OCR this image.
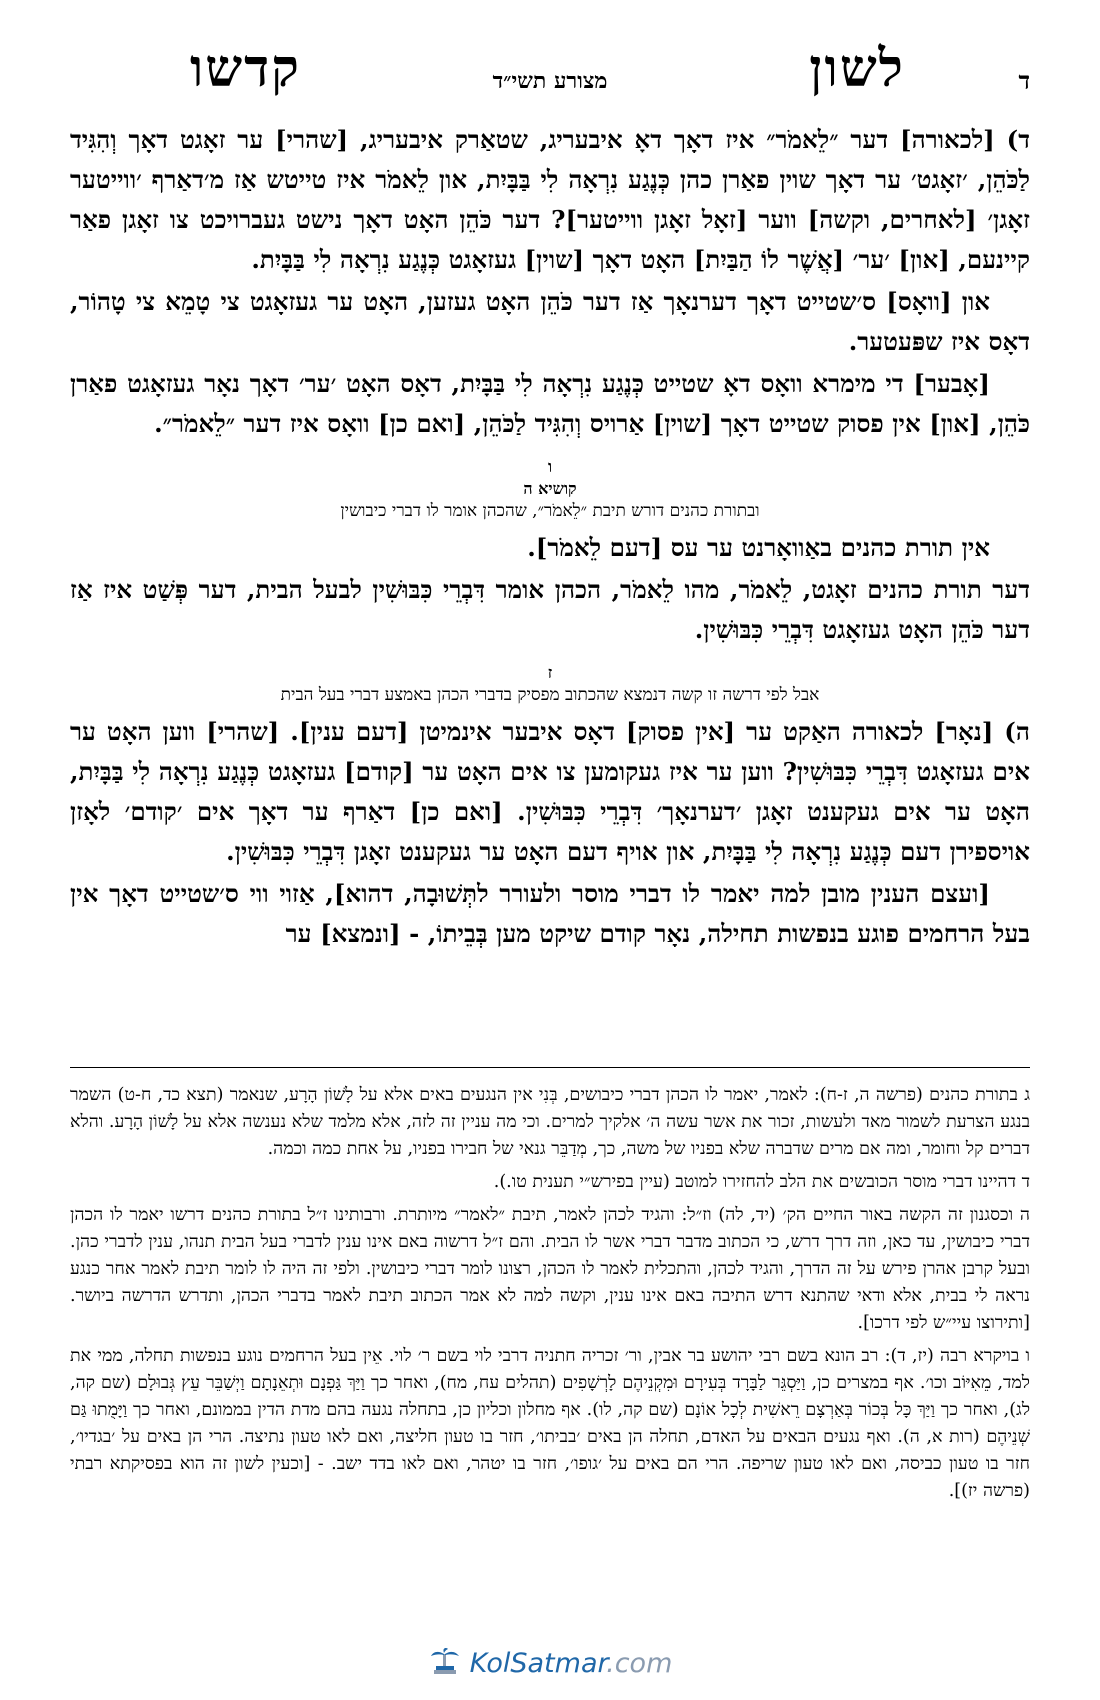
ד
לשון
מצורע תשי״ד
קדשו

ד) [לכאורה] דער ״לֵאמֹר״ איז דאָך דאָ איבעריג, שטאַרק איבעריג, [שהרי] ער זאָגט דאָך וְהִגִּיד לַכֹּהֵן, ׳זאָגט׳ ער דאָך שוין פאַרן כהן כְּנֶגַע נִרְאָה לִי בַּבָּיִת, און לֵאמֹר איז טייטש אַז מ׳דאַרף ׳ווייטער זאָגן׳ [לאחרים, וקשה] ווער [זאָל זאָגן ווייטער]? דער כֹּהֵן האָט דאָך נישט געברויכט צו זאָגן פאַר קיינעם, [און] ׳ער׳ [אֲשֶׁר לוֹ הַבַּיִת] האָט דאָך [שוין] געזאָגט כְּנֶגַע נִרְאָה לִי בַּבָּיִת.

און [וואָס] ס׳שטייט דאָך דערנאָך אַז דער כֹּהֵן האָט געזען, האָט ער געזאָגט צי טָמֵא צי טָהוֹר, דאָס איז שפּעטער.

[אָבער] די מימרא וואָס דאָ שטייט כְּנֶגַע נִרְאָה לִי בַּבָּיִת, דאָס האָט ׳ער׳ דאָך נאָר געזאָגט פאַרן כֹּהֵן, [און] אין פסוק שטייט דאָך [שוין] אַרויס וְהִגִּיד לַכֹּהֵן, [ואם כן] וואָס איז דער ״לֵאמֹר״.

ו
קושיא ה
ובתורת כהנים דורש תיבת ״לֵאמֹר״, שהכהן אומר לו דברי כיבושין

אין תורת כהנים באַוואָרנט ער עס [דעם לֵאמֹר].

דער תורת כהנים זאָגט, לֵאמֹר, מהו לֵאמֹר, הכהן אומר דִּבְרֵי כִּבּוּשִׁין לבעל הבית, דער פְּשַׁט איז אַז דער כֹּהֵן האָט געזאָגט דִּבְרֵי כִּבּוּשִׁין.

ז
אבל לפי דרשה זו קשה דנמצא שהכתוב מפסיק בדברי הכהן באמצע דברי בעל הבית

ה) [נאָר] לכאורה האַקט ער [אין פסוק] דאָס איבער אינמיטן [דעם ענין]. [שהרי] ווען האָט ער אים געזאָגט דִּבְרֵי כִּבּוּשִׁין? ווען ער איז געקומען צו אים האָט ער [קודם] געזאָגט כְּנֶגַע נִרְאָה לִי בַּבָּיִת, האָט ער אים געקענט זאָגן ׳דערנאָך׳ דִּבְרֵי כִּבּוּשִׁין. [ואם כן] דאַרף ער דאָך אים ׳קודם׳ לאָזן אויספירן דעם כְּנֶגַע נִרְאָה לִי בַּבָּיִת, און אויף דעם האָט ער געקענט זאָגן דִּבְרֵי כִּבּוּשִׁין.

[ועצם הענין מובן למה יאמר לו דברי מוסר ולעורר לתְּשׁוּבָה, דהוא], אַזוי ווי ס׳שטייט דאָך אין בעל הרחמים פוגע בנפשות תחילה, נאָר קודם שיקט מען בְּבֵיתוֹ, - [ונמצא] ער

ג בתורת כהנים (פרשה ה, ז-ח): לאמר, יאמר לו הכהן דברי כיבושים, בְּנִי אין הנגעים באים אלא על לָשׁוֹן הָרָע, שנאמר (תצא כד, ח-ט) השמר בנגע הצרעת לשמור מאד ולעשות, זכור את אשר עשה ה׳ אלקיך למרים. וכי מה עניין זה לזה, אלא מלמד שלא נענשה אלא על לָשׁוֹן הָרָע. והלא דברים קל וחומר, ומה אם מרים שדברה שלא בפניו של משה, כך, מְדַבֵּר גנאי של חבירו בפניו, על אחת כמה וכמה.

ד דהיינו דברי מוסר הכובשים את הלב להחזירו למוטב (עיין בפירש״י תענית טו.).

ה וכסגנון זה הקשה באור החיים הק׳ (יד, לה) וז״ל: והגיד לכהן לאמר, תיבת ״לאמר״ מיותרת. ורבותינו ז״ל בתורת כהנים דרשו יאמר לו הכהן דברי כיבושין, עד כאן, וזה דרך דרש, כי הכתוב מדבר דברי אשר לו הבית. והם ז״ל דרשוה באם אינו ענין לדברי בעל הבית תנהו, ענין לדברי כהן. ובעל קרבן אהרן פירש על זה הדרך, והגיד לכהן, והתכלית לאמר לו הכהן, רצונו לומר דברי כיבושין. ולפי זה היה לו לומר תיבת לאמר אחר כנגע נראה לי בבית, אלא ודאי שהתנא דרש התיבה באם אינו ענין, וקשה למה לא אמר הכתוב תיבת לאמר בדברי הכהן, ותדרש הדרשה ביושר. [ותירוצו עיי״ש לפי דרכו].

ו בויקרא רבה (יז, ד): רב הונא בשם רבי יהושע בר אבין, ור׳ זכריה חתניה דרבי לוי בשם ר׳ לוי. אֵין בעל הרחמים נוגע בנפשות תחלה, ממי את למד, מֵאִיּוֹב וכו׳. אף במצרים כן, וַיַּסְגֵּר לַבָּרָד בְּעִירָם וּמִקְנֵיהֶם לָרְשָׁפִים (תהלים עח, מח), ואחר כך וַיַּךְ גַּפְנָם וּתְאֵנָתָם וַיְשַׁבֵּר עֵץ גְּבוּלָם (שם קה, לג), ואחר כך וַיַּךְ כָּל בְּכוֹר בְּאַרְצָם רֵאשִׁית לְכָל אוֹנָם (שם קה, לו). אף מחלון וכליון כן, בתחלה נגעה בהם מדת הדין בממונם, ואחר כך וַיָּמֻתוּ גַּם שְׁנֵיהֶם (רות א, ה). ואף נגעים הבאים על האדם, תחלה הן באים ׳בביתו׳, חזר בו טעון חליצה, ואם לאו טעון נתיצה. הרי הן באים על ׳בגדיו׳, חזר בו טעון כביסה, ואם לאו טעון שריפה. הרי הם באים על ׳גופו׳, חזר בו יטהר, ואם לאו בדד ישב. - [וכעין לשון זה הוא בפסיקתא רבתי (פרשה יז)].

KolSatmar.com
